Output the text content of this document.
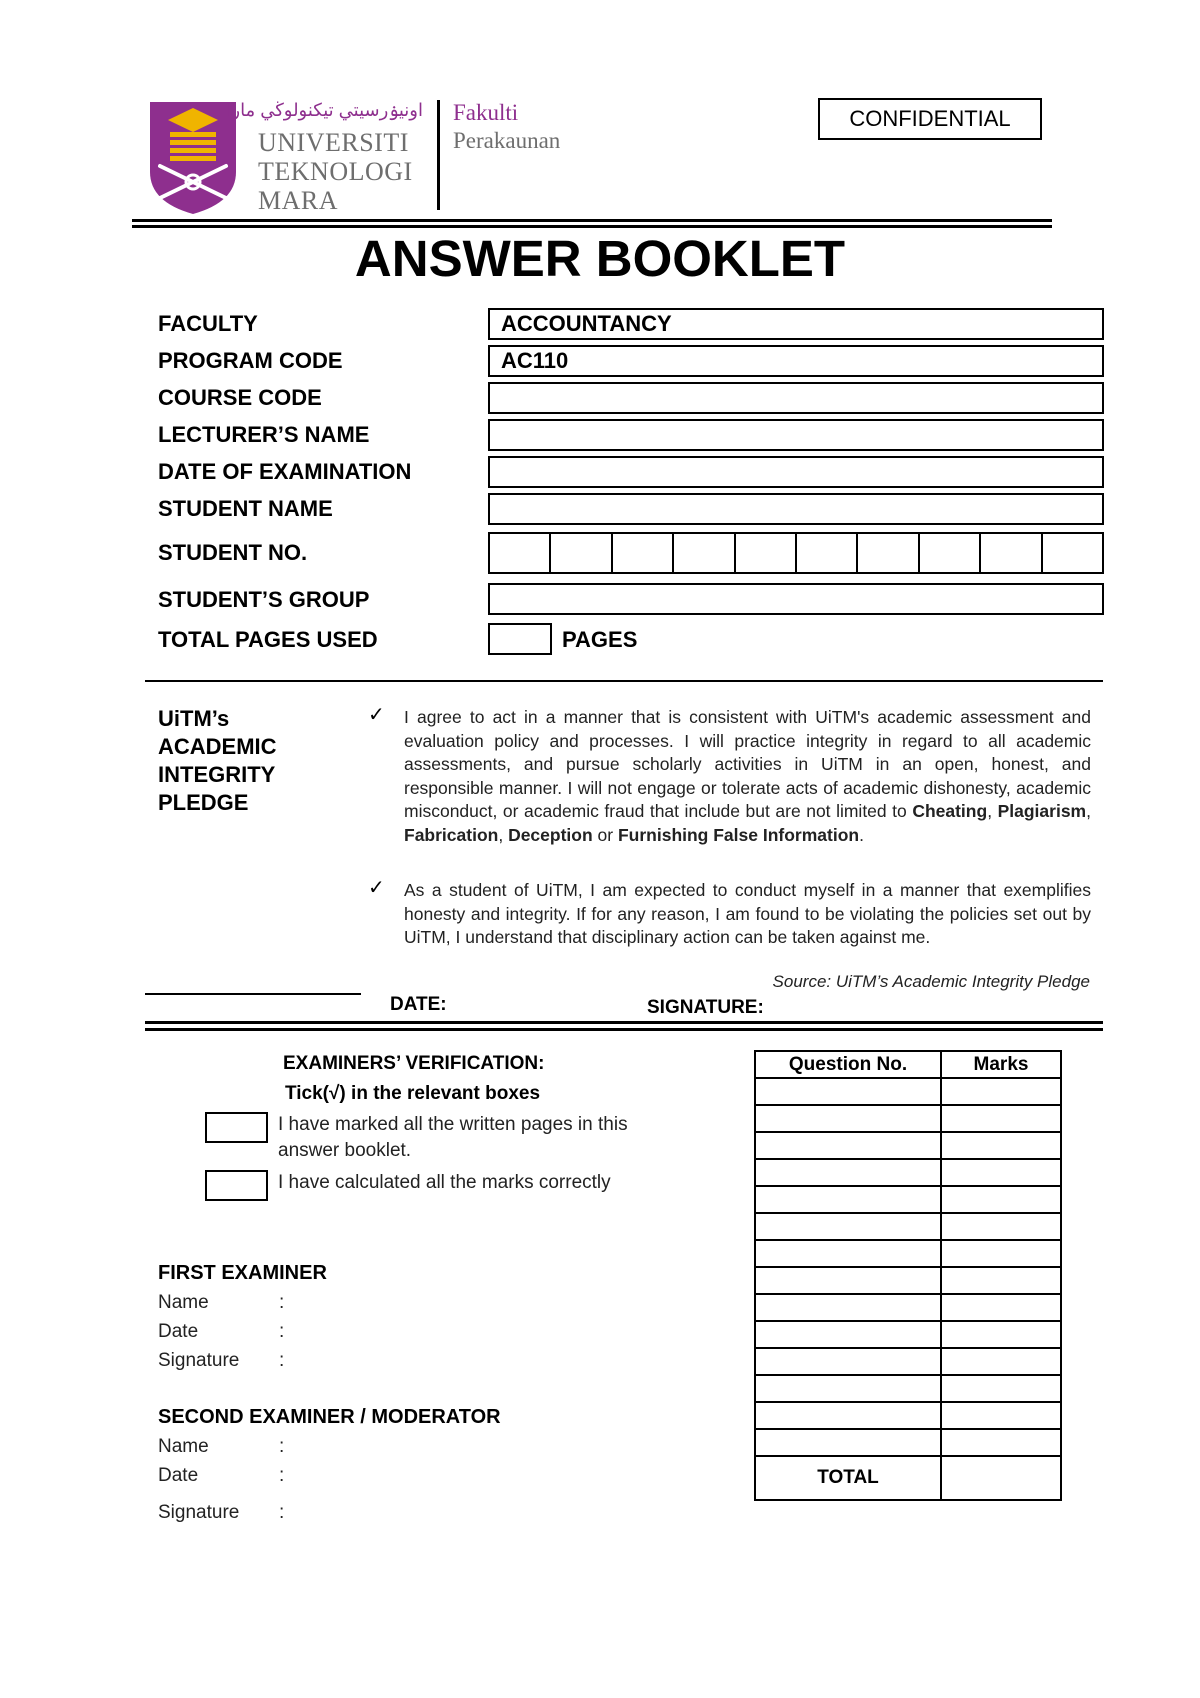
اونيۏرسيتي تيكنولوڬي مارا
UNIVERSITI
TEKNOLOGI
MARA
Fakulti
Perakaunan
CONFIDENTIAL
ANSWER BOOKLET
FACULTY	ACCOUNTANCY
PROGRAM CODE	AC110
COURSE CODE
LECTURER’S NAME
DATE OF EXAMINATION
STUDENT NAME
STUDENT NO.
STUDENT’S GROUP
TOTAL PAGES USED	PAGES
UiTM’s
ACADEMIC
INTEGRITY
PLEDGE
✓ I agree to act in a manner that is consistent with UiTM's academic assessment and evaluation policy and processes. I will practice integrity in regard to all academic assessments, and pursue scholarly activities in UiTM in an open, honest, and responsible manner. I will not engage or tolerate acts of academic dishonesty, academic misconduct, or academic fraud that include but are not limited to Cheating, Plagiarism, Fabrication, Deception or Furnishing False Information.
✓ As a student of UiTM, I am expected to conduct myself in a manner that exemplifies honesty and integrity. If for any reason, I am found to be violating the policies set out by UiTM, I understand that disciplinary action can be taken against me.
Source: UiTM’s Academic Integrity Pledge
DATE:	SIGNATURE:
EXAMINERS’ VERIFICATION:
Tick(√) in the relevant boxes
I have marked all the written pages in this
answer booklet.
I have calculated all the marks correctly
FIRST EXAMINER
Name	:
Date	:
Signature :
SECOND EXAMINER / MODERATOR
Name	:
Date	:
Signature :
Question No.	Marks

TOTAL	
